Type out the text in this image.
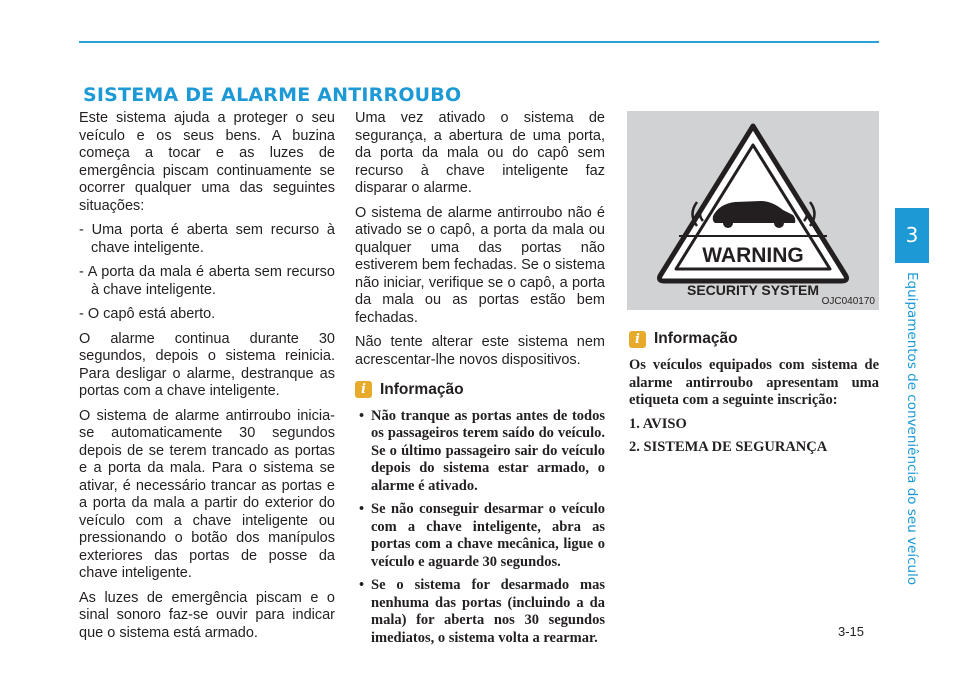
SISTEMA DE ALARME ANTIRROUBO

Este sistema ajuda a proteger o seu veículo e os seus bens. A buzina começa a tocar e as luzes de emergência piscam continuamente se ocorrer qualquer uma das seguintes situações:

- Uma porta é aberta sem recurso à chave inteligente.

- A porta da mala é aberta sem recurso à chave inteligente.

- O capô está aberto.

O alarme continua durante 30 segundos, depois o sistema reinicia. Para desligar o alarme, destranque as portas com a chave inteligente.

O sistema de alarme antirroubo inicia-se automaticamente 30 segundos depois de se terem trancado as portas e a porta da mala. Para o sistema se ativar, é necessário trancar as portas e a porta da mala a partir do exterior do veículo com a chave inteligente ou pressionando o botão dos manípulos exteriores das portas de posse da chave inteligente.

As luzes de emergência piscam e o sinal sonoro faz-se ouvir para indicar que o sistema está armado.

Uma vez ativado o sistema de segurança, a abertura de uma porta, da porta da mala ou do capô sem recurso à chave inteligente faz disparar o alarme.

O sistema de alarme antirroubo não é ativado se o capô, a porta da mala ou qualquer uma das portas não estiverem bem fechadas. Se o sistema não iniciar, verifique se o capô, a porta da mala ou as portas estão bem fechadas.

Não tente alterar este sistema nem acrescentar-lhe novos dispositivos.

i Informação
• Não tranque as portas antes de todos os passageiros terem saído do veículo. Se o último passageiro sair do veículo depois do sistema estar armado, o alarme é ativado.
• Se não conseguir desarmar o veículo com a chave inteligente, abra as portas com a chave mecânica, ligue o veículo e aguarde 30 segundos.
• Se o sistema for desarmado mas nenhuma das portas (incluindo a da mala) for aberta nos 30 segundos imediatos, o sistema volta a rearmar.
WARNING
SECURITY SYSTEM
OJC040170
i Informação

Os veículos equipados com sistema de alarme antirroubo apresentam uma etiqueta com a seguinte inscrição:

1. AVISO

2. SISTEMA DE SEGURANÇA

3
Equipamentos de conveniência do seu veículo
3-15
